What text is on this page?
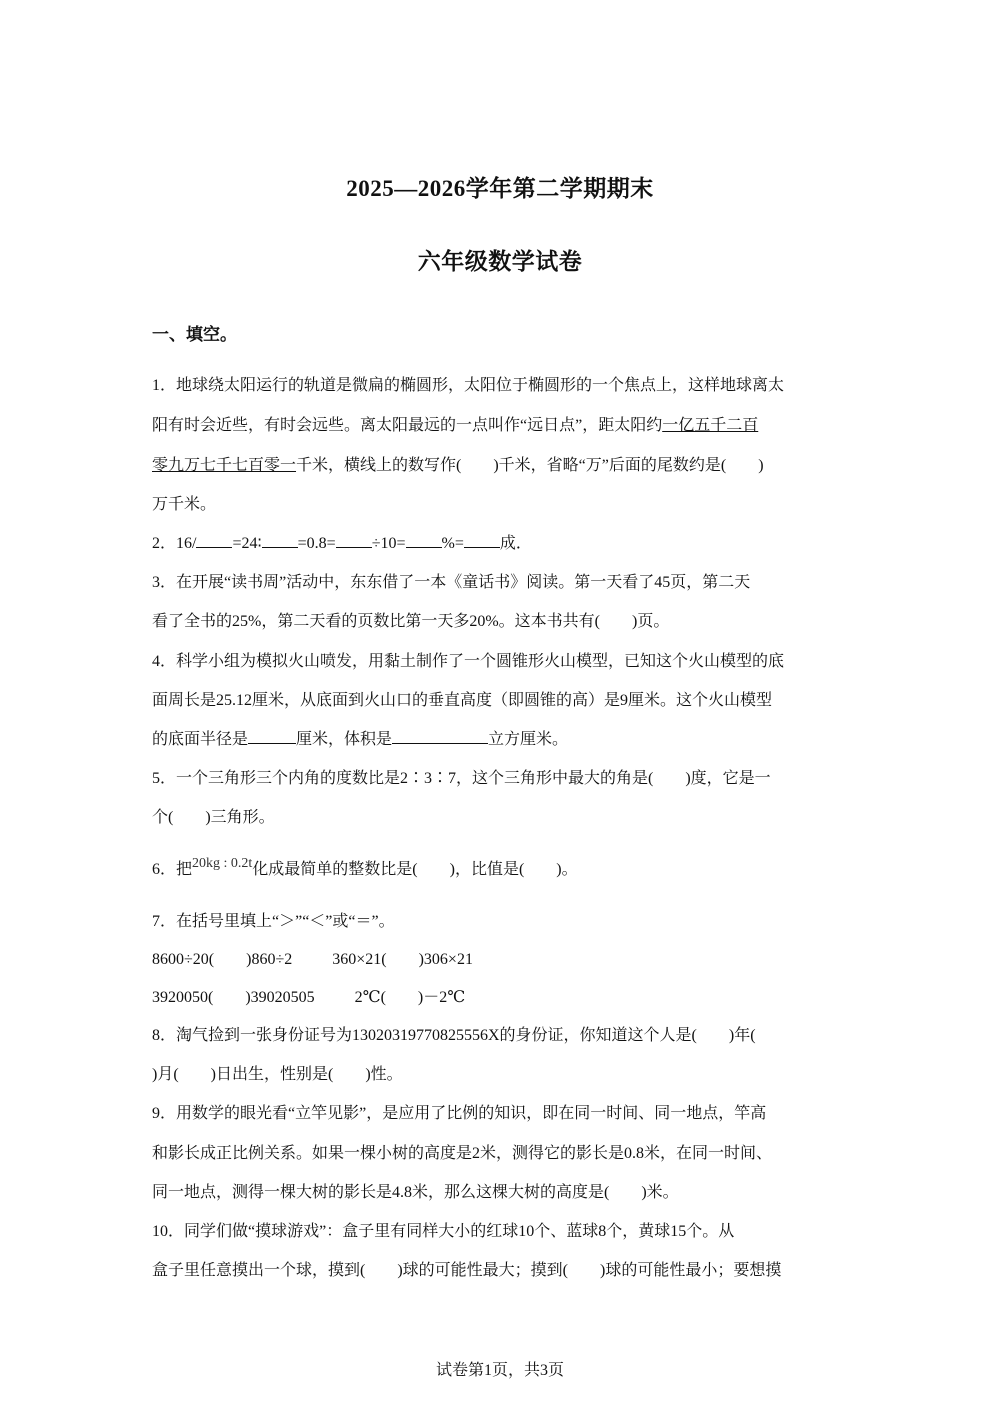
2025—2026学年第二学期期末
六年级数学试卷
一、填空。
1．地球绕太阳运行的轨道是微扁的椭圆形，太阳位于椭圆形的一个焦点上，这样地球离太
阳有时会近些，有时会远些。离太阳最远的一点叫作“远日点”，距太阳约一亿五千二百
零九万七千七百零一千米，横线上的数写作(　　)千米，省略“万”后面的尾数约是(　　)
万千米。
2．16/ =24∶ =0.8= ÷10= %= 成．
3．在开展“读书周”活动中，东东借了一本《童话书》阅读。第一天看了45页，第二天
看了全书的25%，第二天看的页数比第一天多20%。这本书共有(　　)页。
4．科学小组为模拟火山喷发，用黏土制作了一个圆锥形火山模型，已知这个火山模型的底
面周长是25.12厘米，从底面到火山口的垂直高度（即圆锥的高）是9厘米。这个火山模型
的底面半径是	厘米，体积是	立方厘米。
5．一个三角形三个内角的度数比是2∶3∶7，这个三角形中最大的角是(　　)度，它是一
个(　　)三角形。
6．把20kg : 0.2t化成最简单的整数比是(　　)，比值是(　　)。
7．在括号里填上“＞”“＜”或“＝”。
8600÷20(　　)860÷2	360×21(　　)306×21
3920050(　　)39020505	2℃(　　)－2℃
8．淘气捡到一张身份证号为13020319770825556X的身份证，你知道这个人是(　　)年(
)月(　　)日出生，性别是(　　)性。
9．用数学的眼光看“立竿见影”，是应用了比例的知识，即在同一时间、同一地点，竿高
和影长成正比例关系。如果一棵小树的高度是2米，测得它的影长是0.8米，在同一时间、
同一地点，测得一棵大树的影长是4.8米，那么这棵大树的高度是(　　)米。
10．同学们做“摸球游戏”：盒子里有同样大小的红球10个、蓝球8个，黄球15个。从
盒子里任意摸出一个球，摸到(　　)球的可能性最大；摸到(　　)球的可能性最小；要想摸
试卷第1页，共3页
